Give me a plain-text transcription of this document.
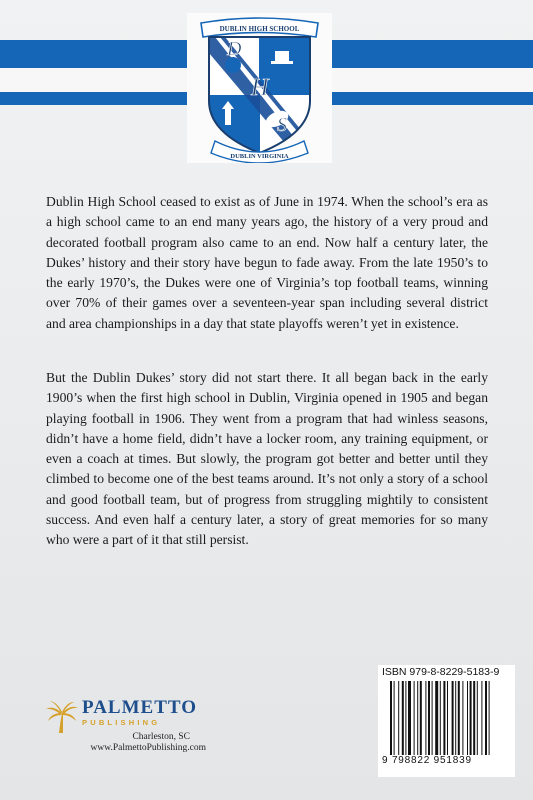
DUBLIN HIGH SCHOOL
D
H
S
DUBLIN VIRGINIA

Dublin High School ceased to exist as of June in 1974. When the school’s era as a high school came to an end many years ago, the history of a very proud and decorated football program also came to an end. Now half a century later, the Dukes’ history and their story have begun to fade away. From the late 1950’s to the early 1970’s, the Dukes were one of Virginia’s top football teams, winning over 70% of their games over a seventeen-year span including several district and area championships in a day that state playoffs weren’t yet in existence.

But the Dublin Dukes’ story did not start there. It all began back in the early 1900’s when the first high school in Dublin, Virginia opened in 1905 and began playing football in 1906. They went from a program that had winless seasons, didn’t have a home field, didn’t have a locker room, any training equipment, or even a coach at times. But slowly, the program got better and better until they climbed to become one of the best teams around. It’s not only a story of a school and good football team, but of progress from struggling mightily to consistent success. And even half a century later, a story of great memories for so many who were a part of it that still persist.

PALMETTO
PUBLISHING
Charleston, SC
www.PalmettoPublishing.com
ISBN 979-8-8229-5183-9
9 798822 951839
